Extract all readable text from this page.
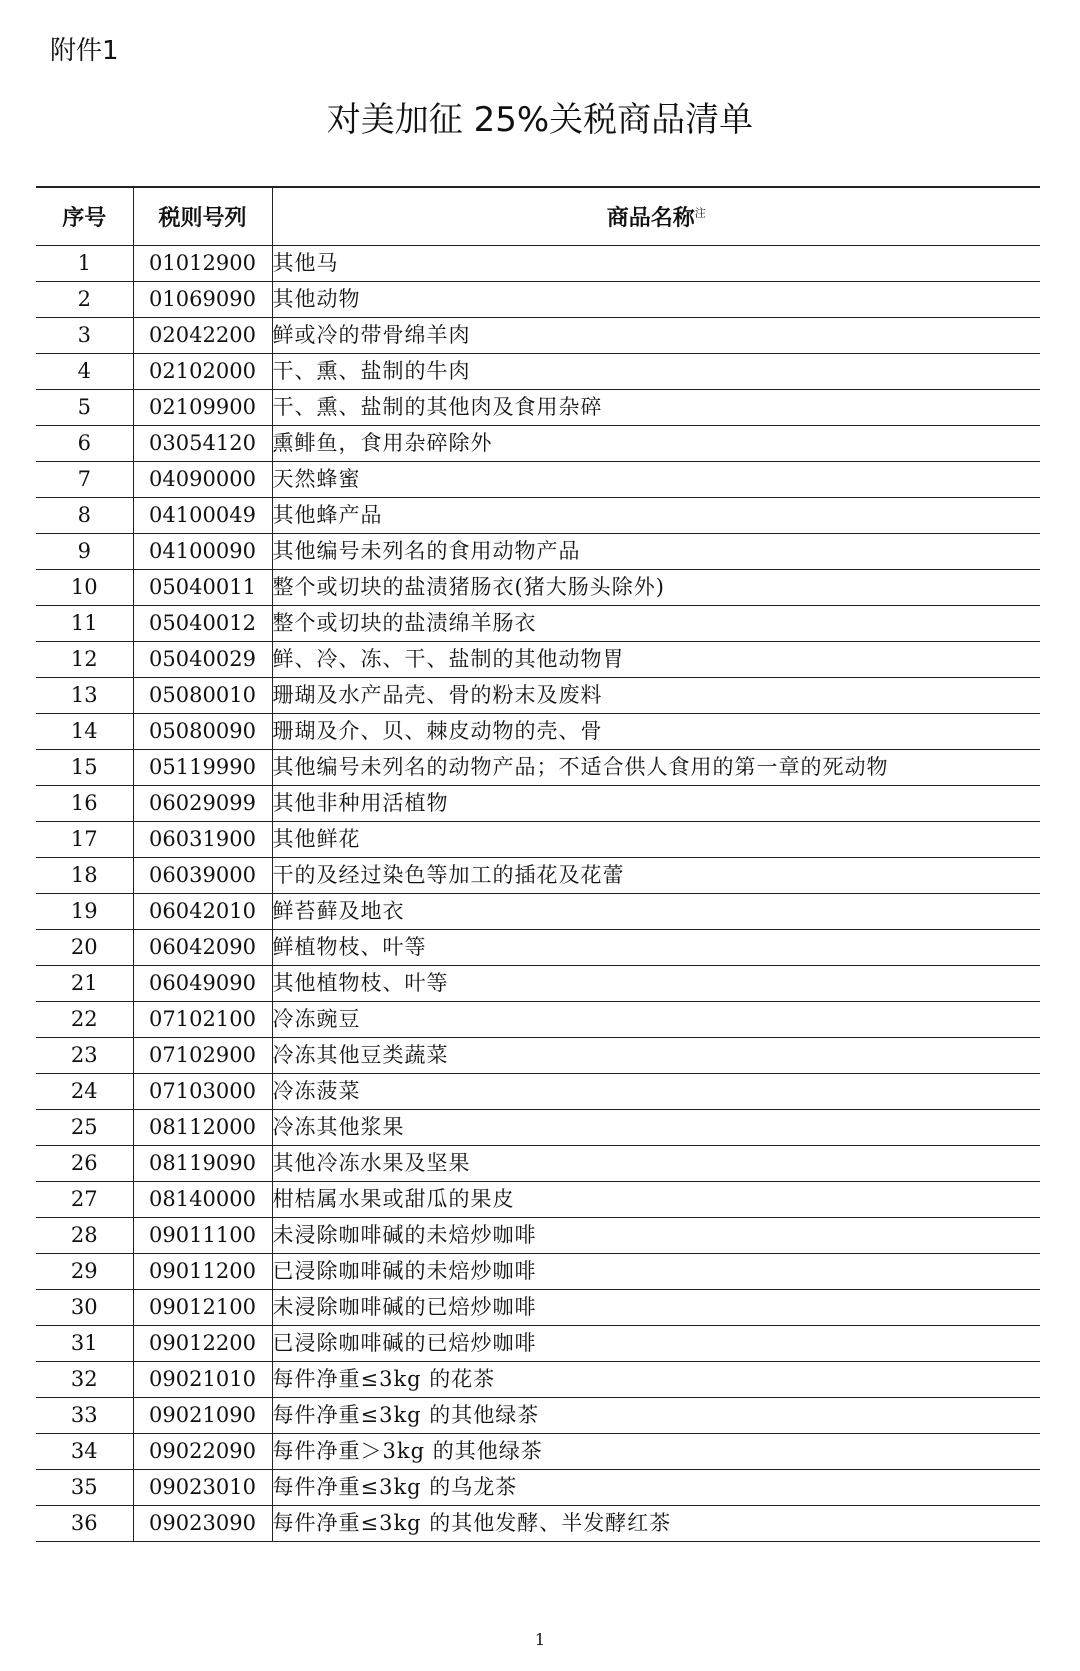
附件1
对美加征 25%关税商品清单
序号	税则号列	商品名称$^注$
1	01012900	其他马
2	01069090	其他动物
3	02042200	鲜或冷的带骨绵羊肉
4	02102000	干、熏、盐制的牛肉
5	02109900	干、熏、盐制的其他肉及食用杂碎
6	03054120	熏鲱鱼，食用杂碎除外
7	04090000	天然蜂蜜
8	04100049	其他蜂产品
9	04100090	其他编号未列名的食用动物产品
10	05040011	整个或切块的盐渍猪肠衣(猪大肠头除外)
11	05040012	整个或切块的盐渍绵羊肠衣
12	05040029	鲜、冷、冻、干、盐制的其他动物胃
13	05080010	珊瑚及水产品壳、骨的粉末及废料
14	05080090	珊瑚及介、贝、棘皮动物的壳、骨
15	05119990	其他编号未列名的动物产品；不适合供人食用的第一章的死动物
16	06029099	其他非种用活植物
17	06031900	其他鲜花
18	06039000	干的及经过染色等加工的插花及花蕾
19	06042010	鲜苔藓及地衣
20	06042090	鲜植物枝、叶等
21	06049090	其他植物枝、叶等
22	07102100	冷冻豌豆
23	07102900	冷冻其他豆类蔬菜
24	07103000	冷冻菠菜
25	08112000	冷冻其他浆果
26	08119090	其他冷冻水果及坚果
27	08140000	柑桔属水果或甜瓜的果皮
28	09011100	未浸除咖啡碱的未焙炒咖啡
29	09011200	已浸除咖啡碱的未焙炒咖啡
30	09012100	未浸除咖啡碱的已焙炒咖啡
31	09012200	已浸除咖啡碱的已焙炒咖啡
32	09021010	每件净重≤3kg 的花茶
33	09021090	每件净重≤3kg 的其他绿茶
34	09022090	每件净重＞3kg 的其他绿茶
35	09023010	每件净重≤3kg 的乌龙茶
36	09023090	每件净重≤3kg 的其他发酵、半发酵红茶
1
